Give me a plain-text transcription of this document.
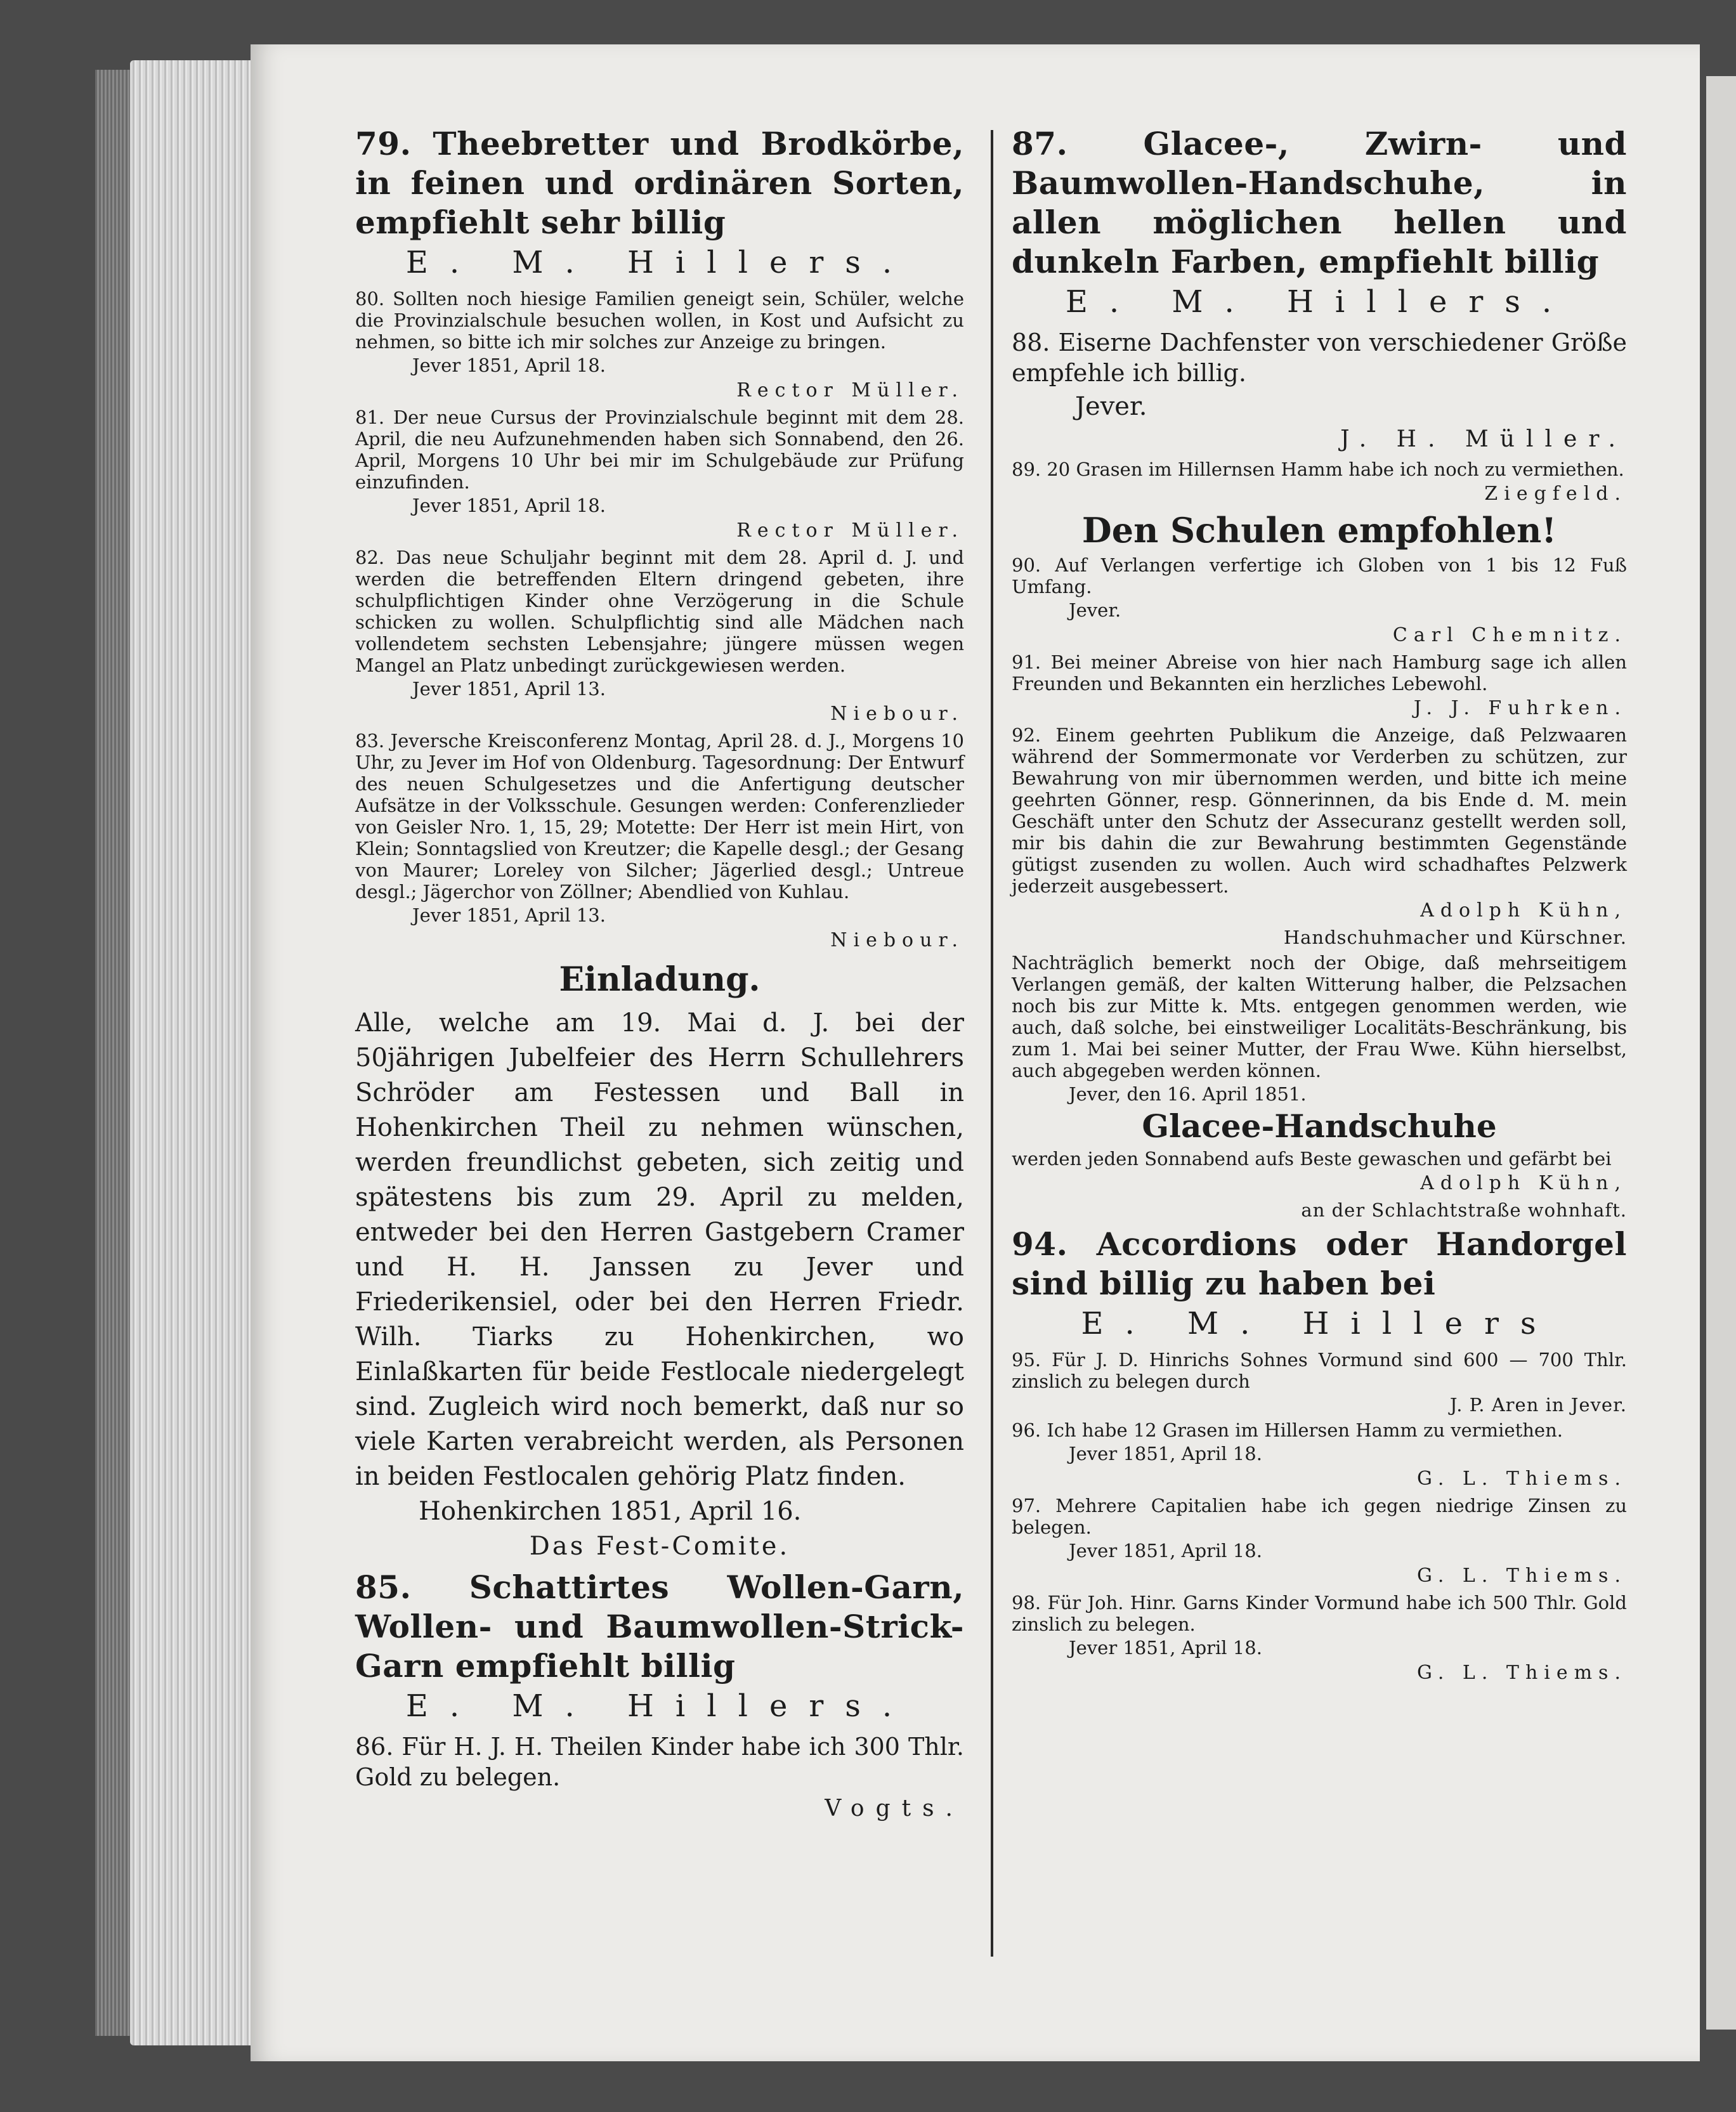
79. Theebretter und Brodkörbe, in feinen und ordinären Sorten, empfiehlt sehr billig

E. M. Hillers.

80. Sollten noch hiesige Familien geneigt sein, Schüler, welche die Provinzialschule besuchen wollen, in Kost und Aufsicht zu nehmen, so bitte ich mir solches zur Anzeige zu bringen.

Jever 1851, April 18.
Rector Müller.

81. Der neue Cursus der Provinzialschule beginnt mit dem 28. April, die neu Aufzunehmenden haben sich Sonnabend, den 26. April, Morgens 10 Uhr bei mir im Schulgebäude zur Prüfung einzufinden.

Jever 1851, April 18.
Rector Müller.

82. Das neue Schuljahr beginnt mit dem 28. April d. J. und werden die betreffenden Eltern dringend gebeten, ihre schulpflichtigen Kinder ohne Verzögerung in die Schule schicken zu wollen. Schulpflichtig sind alle Mädchen nach vollendetem sechsten Lebensjahre; jüngere müssen wegen Mangel an Platz unbedingt zurückgewiesen werden.

Jever 1851, April 13.
Niebour.

83. Jeversche Kreisconferenz Montag, April 28. d. J., Morgens 10 Uhr, zu Jever im Hof von Oldenburg. Tagesordnung: Der Entwurf des neuen Schulgesetzes und die Anfertigung deutscher Aufsätze in der Volksschule. Gesungen werden: Conferenzlieder von Geisler Nro. 1, 15, 29; Motette: Der Herr ist mein Hirt, von Klein; Sonntagslied von Kreutzer; die Kapelle desgl.; der Gesang von Maurer; Loreley von Silcher; Jägerlied desgl.; Untreue desgl.; Jägerchor von Zöllner; Abendlied von Kuhlau.

Jever 1851, April 13.
Niebour.
Einladung.

Alle, welche am 19. Mai d. J. bei der 50jährigen Jubelfeier des Herrn Schullehrers Schröder am Festessen und Ball in Hohenkirchen Theil zu nehmen wünschen, werden freundlichst gebeten, sich zeitig und spätestens bis zum 29. April zu melden, entweder bei den Herren Gastgebern Cramer und H. H. Janssen zu Jever und Friederikensiel, oder bei den Herren Friedr. Wilh. Tiarks zu Hohenkirchen, wo Einlaßkarten für beide Festlocale niedergelegt sind. Zugleich wird noch bemerkt, daß nur so viele Karten verabreicht werden, als Personen in beiden Festlocalen gehörig Platz finden.

Hohenkirchen 1851, April 16.
Das Fest-Comite.

85. Schattirtes Wollen-Garn, Wollen- und Baumwollen-Strick-Garn empfiehlt billig

E. M. Hillers.

86. Für H. J. H. Theilen Kinder habe ich 300 Thlr. Gold zu belegen.

Vogts.

87. Glacee-, Zwirn- und Baumwollen-Handschuhe, in allen möglichen hellen und dunkeln Farben, empfiehlt billig

E. M. Hillers.

88. Eiserne Dachfenster von verschiedener Größe empfehle ich billig.

Jever.
J. H. Müller.

89. 20 Grasen im Hillernsen Hamm habe ich noch zu vermiethen.

Ziegfeld.
Den Schulen empfohlen!

90. Auf Verlangen verfertige ich Globen von 1 bis 12 Fuß Umfang.

Jever.
Carl Chemnitz.

91. Bei meiner Abreise von hier nach Hamburg sage ich allen Freunden und Bekannten ein herzliches Lebewohl.

J. J. Fuhrken.

92. Einem geehrten Publikum die Anzeige, daß Pelzwaaren während der Sommermonate vor Verderben zu schützen, zur Bewahrung von mir übernommen werden, und bitte ich meine geehrten Gönner, resp. Gönnerinnen, da bis Ende d. M. mein Geschäft unter den Schutz der Assecuranz gestellt werden soll, mir bis dahin die zur Bewahrung bestimmten Gegenstände gütigst zusenden zu wollen. Auch wird schadhaftes Pelzwerk jederzeit ausgebessert.

Adolph Kühn,
Handschuhmacher und Kürschner.

Nachträglich bemerkt noch der Obige, daß mehrseitigem Verlangen gemäß, der kalten Witterung halber, die Pelzsachen noch bis zur Mitte k. Mts. entgegen genommen werden, wie auch, daß solche, bei einstweiliger Localitäts-Beschränkung, bis zum 1. Mai bei seiner Mutter, der Frau Wwe. Kühn hierselbst, auch abgegeben werden können.

Jever, den 16. April 1851.
Glacee-Handschuhe

werden jeden Sonnabend aufs Beste gewaschen und gefärbt bei

Adolph Kühn,
an der Schlachtstraße wohnhaft.

94. Accordions oder Handorgel sind billig zu haben bei

E. M. Hillers

95. Für J. D. Hinrichs Sohnes Vormund sind 600 — 700 Thlr. zinslich zu belegen durch

J. P. Aren in Jever.

96. Ich habe 12 Grasen im Hillersen Hamm zu vermiethen.

Jever 1851, April 18.
G. L. Thiems.

97. Mehrere Capitalien habe ich gegen niedrige Zinsen zu belegen.

Jever 1851, April 18.
G. L. Thiems.

98. Für Joh. Hinr. Garns Kinder Vormund habe ich 500 Thlr. Gold zinslich zu belegen.

Jever 1851, April 18.
G. L. Thiems.
